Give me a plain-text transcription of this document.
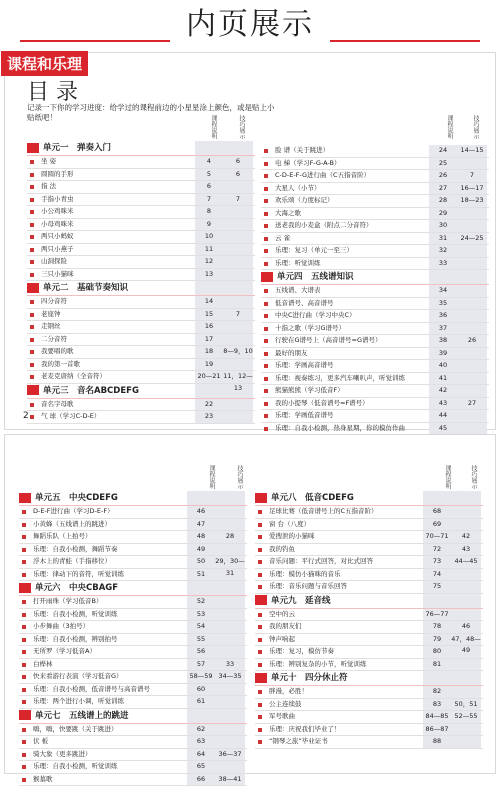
内页展示
课程和乐理
目 录
记录一下你的学习进度：给学过的课程前边的小星星涂上颜色，或是贴上小贴纸吧！	课程说明	技巧展示	课程说明	技巧展示
单元一　弹奏入门
坐 姿	4	6
圆圆的手形	5	6
指 法	6
手指小青虫	7	7
小公鸡咪米	8
小母鸡咪米	9
两只小蚂蚁	10
两只小燕子	11
山洞探险	12
三只小猫咪	13
单元二　基础节奏知识
四分音符	14
老座钟	15	7
走钢丝	16
二分音符	17
我要唱的歌	18	8—9，10
我的第一首歌	19
老麦克唐纳（全音符）	20—21 11，12—13
单元三　音名ABCDEFG
音名字母歌	22
气 球（学习C-D-E）	23
脸 谱（关于跳进）	24	14—15
电 梯（学习F-G-A-B）	25
C-D-E-F-G进行曲（C五指音阶）	26	7
大星人（小节）	27	16—17
欢乐颂（力度标记）	28	18—23
大海之歌	29
送老我的小麦盒（附点二分音符）	30
云 雀	31	24—25
乐理：复习（单元一至三）	32
乐理：听觉训练	33
单元四　五线谱知识
五线谱、大谱表	34
低音谱号、高音谱号	35
中央C进行曲（学习中央C）	36
十指之歌（学习G谱号）	37
行驶在G谱号上（高音谱号=G谱号）	38	26
最好的朋友	39
乐理：学画高音谱号	40
乐理：视奏练习，更多汽车喇叭声，听觉训练	41
熊猫熊熊（学习低音F）	42
我的小提琴（低音谱号=F谱号）	43	27
乐理：学画低音谱号	44
乐理：自我小检测，热身星期，你的模仿作曲	45
2
课程说明	技巧展示	课程说明	技巧展示
单元五　中央CDEFG
D-E-F进行曲（学习D-E-F）	46
小黄蜂（五线谱上的跳进）	47
舞蹈乐队（上拍号）	48	28
乐理：自我小检测，舞蹈节奏	49
浮木上的青蛙（手指移位）	50	29，30—31
乐理：律动下的音符，听觉训练	51
单元六　中央CBAGF
打开雨珠（学习低音B）	52
乐理：自我小检测，听觉训练	53
小步舞曲（3拍号）	54
乐理：自我小检测，辨别拍号	55
无所罗（学习低音A）	56
白桦林	57	33
快来看游行表演（学习低音G）	58—59 34—35
乐理：自我小检测，低音谱号与高音谱号	60
乐理：两个进行小调，听觉训练	61
单元七　五线谱上的跳进
嗨，嗨，快要跳（关于跳进）	62
伏 板	63
骑大象（更多跳进）	64	36—37
乐理：自我小检测，听觉训练	65
猴墓歌	66	38—41
单元八　低音CDEFG
足球比赛（低音谱号上的C五指音阶）	68
窗 台（八度）	69
爱搜泄的小猫咪	70—71	42
我的钓鱼	72	43
音乐问题：平行式回答，对比式回答	73	44—45
乐理：模仿小猫咪的音乐	74
乐理：音乐问题与音乐回答	75
单元九　延音线
空中的云	76—77
我的朋友们	78	46
钟声响起	79	47，48—49
乐理：复习，模仿节奏	80
乐理：辨别复杂的小节，听觉训练	81
单元十　四分休止符
胖漫，必胜！	82
公主连续鼓	83	50，51
军号歌曲	84—85 52—55
乐理：庆祝我们毕业了！	86—87
“钢琴之旅”毕业证书	88
